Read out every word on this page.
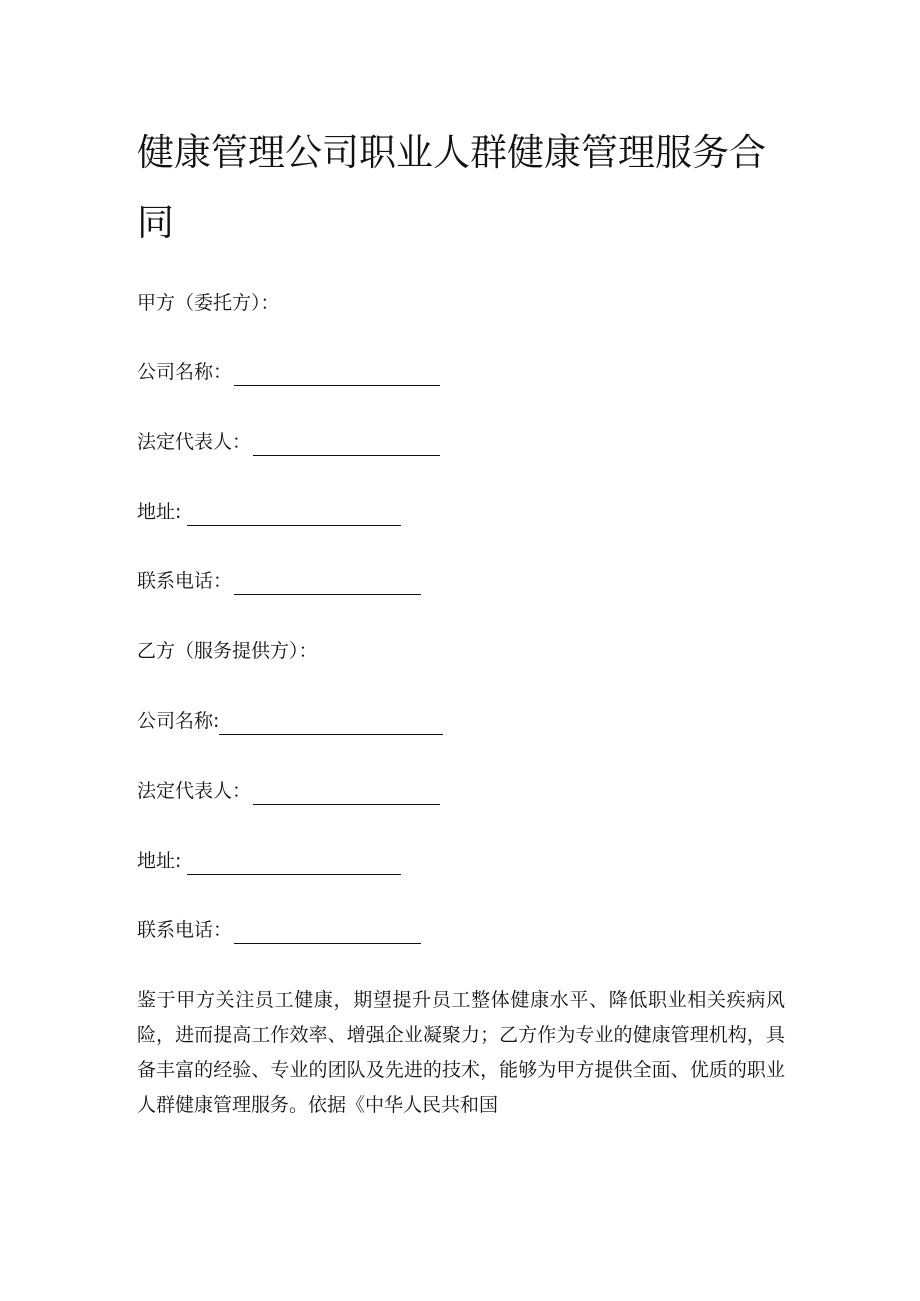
健康管理公司职业人群健康管理服务合同
甲方（委托方）：
公司名称：
法定代表人：
地址:
联系电话：
乙方（服务提供方）：
公司名称:
法定代表人：
地址:
联系电话：

鉴于甲方关注员工健康，期望提升员工整体健康水平、降低职业相关疾病风险，进而提高工作效率、增强企业凝聚力；乙方作为专业的健康管理机构，具备丰富的经验、专业的团队及先进的技术，能够为甲方提供全面、优质的职业人群健康管理服务。依据《中华人民共和国
